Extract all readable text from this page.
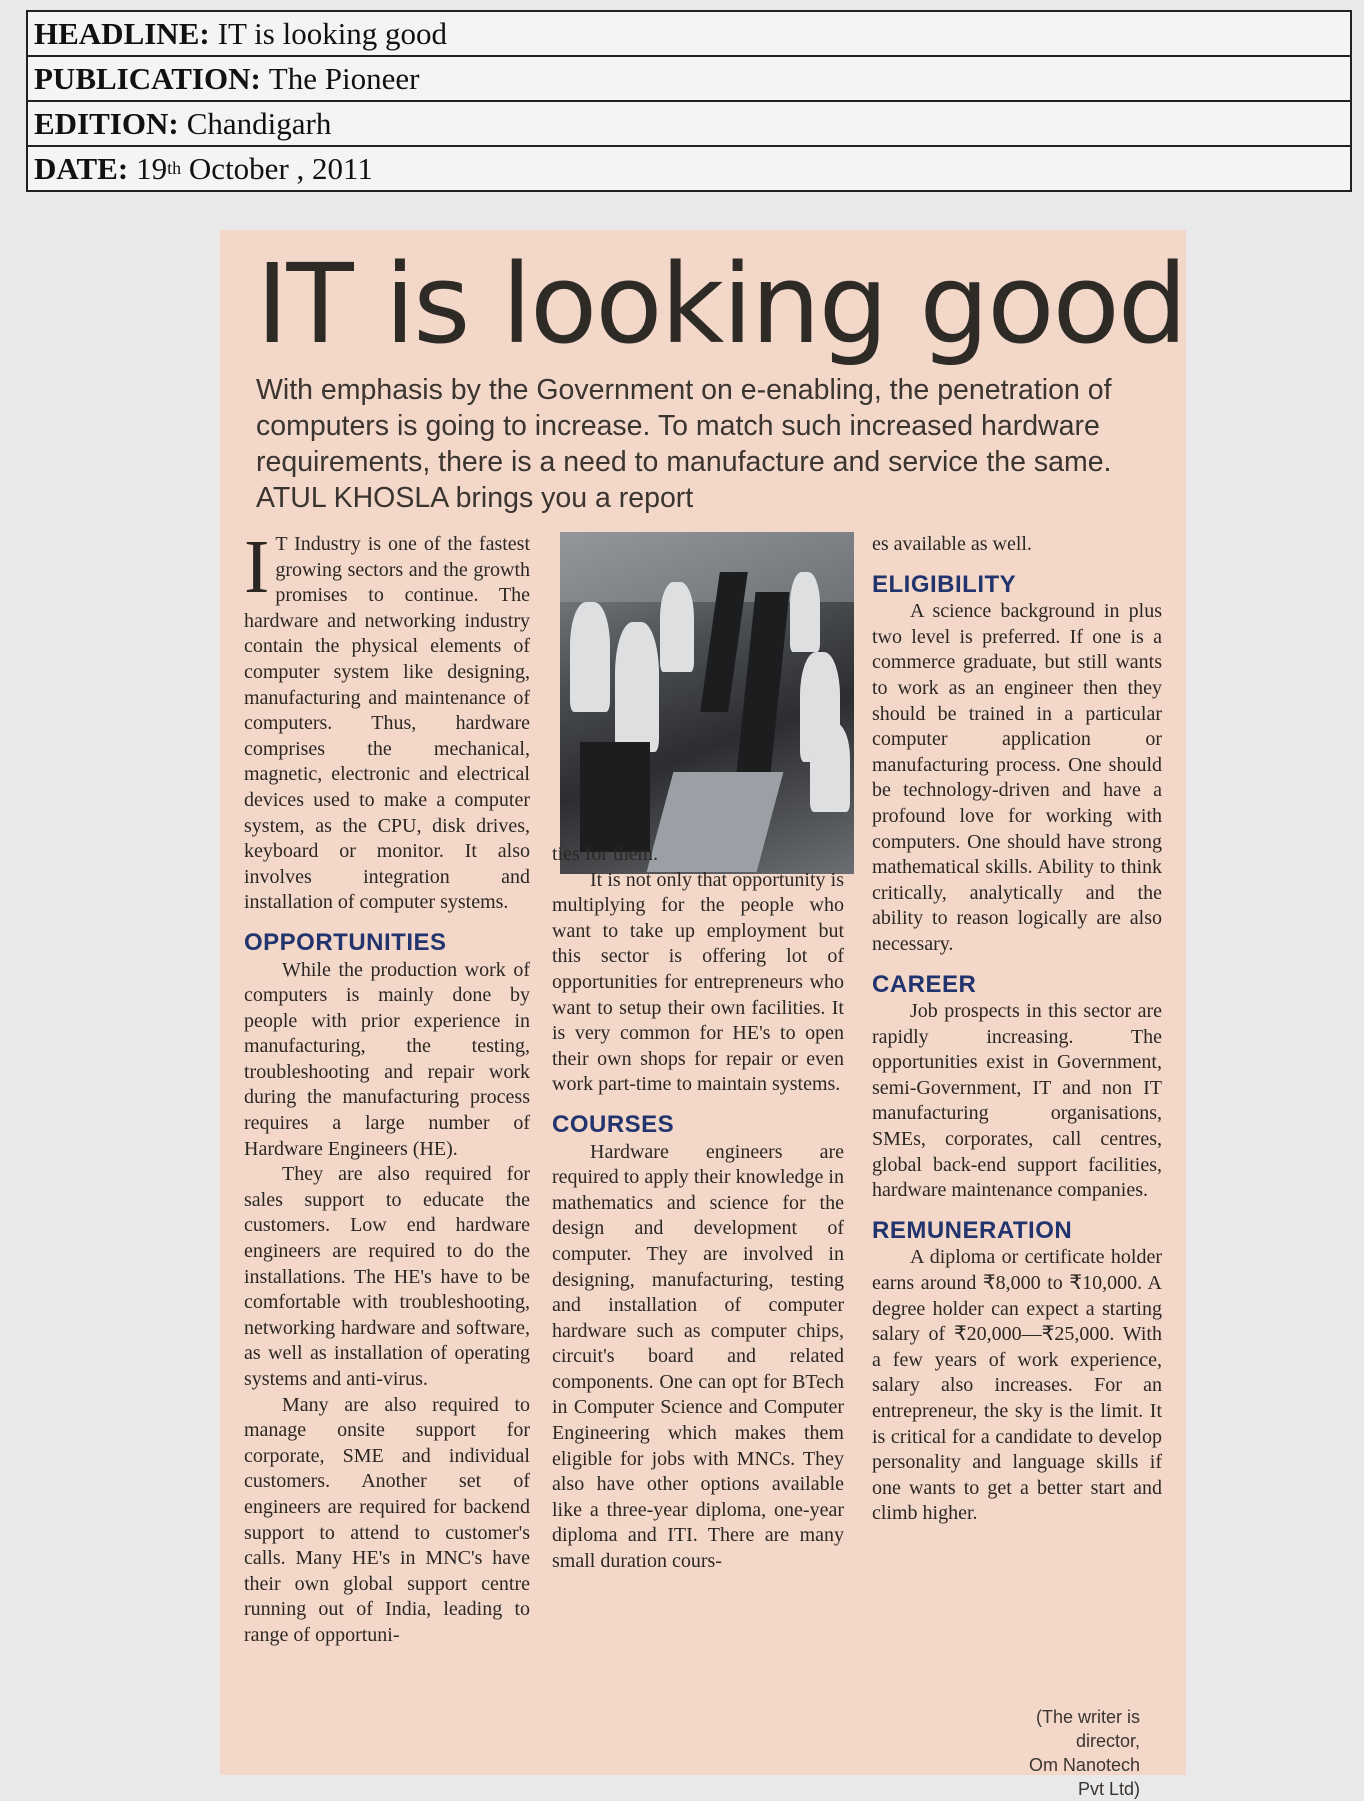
HEADLINE: IT is looking good
PUBLICATION: The Pioneer
EDITION: Chandigarh
DATE: 19 th
October , 2011
IT is looking good
With emphasis by the Government on e-enabling, the penetration of computers is going to increase. To match such increased hardware requirements, there is a need to manufacture and service the same. ATUL KHOSLA brings you a report

I T Industry is one of the fastest growing sectors and the growth promises to continue. The hardware and networking industry contain the physical elements of computer system like designing, manufacturing and maintenance of computers. Thus, hardware comprises the mechanical, magnetic, electronic and electrical devices used to make a computer system, as the CPU, disk drives, keyboard or monitor. It also involves integration and installation of computer systems.

OPPORTUNITIES

While the production work of computers is mainly done by people with prior experience in manufacturing, the testing, troubleshooting and repair work during the manufacturing process requires a large number of Hardware Engineers (HE).

They are also required for sales support to educate the customers. Low end hardware engineers are required to do the installations. The HE's have to be comfortable with troubleshooting, networking hardware and software, as well as installation of operating systems and anti-virus.

Many are also required to manage onsite support for corporate, SME and individual customers. Another set of engineers are required for backend support to attend to customer's calls. Many HE's in MNC's have their own global support centre running out of India, leading to range of opportuni-

ties for them.

It is not only that opportunity is multiplying for the people who want to take up employment but this sector is offering lot of opportunities for entrepreneurs who want to setup their own facilities. It is very common for HE's to open their own shops for repair or even work part-time to maintain systems.

COURSES

Hardware engineers are required to apply their knowledge in mathematics and science for the design and development of computer. They are involved in designing, manufacturing, testing and installation of computer hardware such as computer chips, circuit's board and related components. One can opt for BTech in Computer Science and Computer Engineering which makes them eligible for jobs with MNCs. They also have other options available like a three-year diploma, one-year diploma and ITI. There are many small duration cours-

es available as well.

ELIGIBILITY

A science background in plus two level is preferred. If one is a commerce graduate, but still wants to work as an engineer then they should be trained in a particular computer application or manufacturing process. One should be technology-driven and have a profound love for working with computers. One should have strong mathematical skills. Ability to think critically, analytically and the ability to reason logically are also necessary.

CAREER

Job prospects in this sector are rapidly increasing. The opportunities exist in Government, semi-Government, IT and non IT manufacturing organisations, SMEs, corporates, call centres, global back-end support facilities, hardware maintenance companies.

REMUNERATION

A diploma or certificate holder earns around ₹8,000 to ₹10,000. A degree holder can expect a starting salary of ₹20,000—₹25,000. With a few years of work experience, salary also increases. For an entrepreneur, the sky is the limit. It is critical for a candidate to develop personality and language skills if one wants to get a better start and climb higher.

(The writer is director,
Om Nanotech Pvt Ltd)
